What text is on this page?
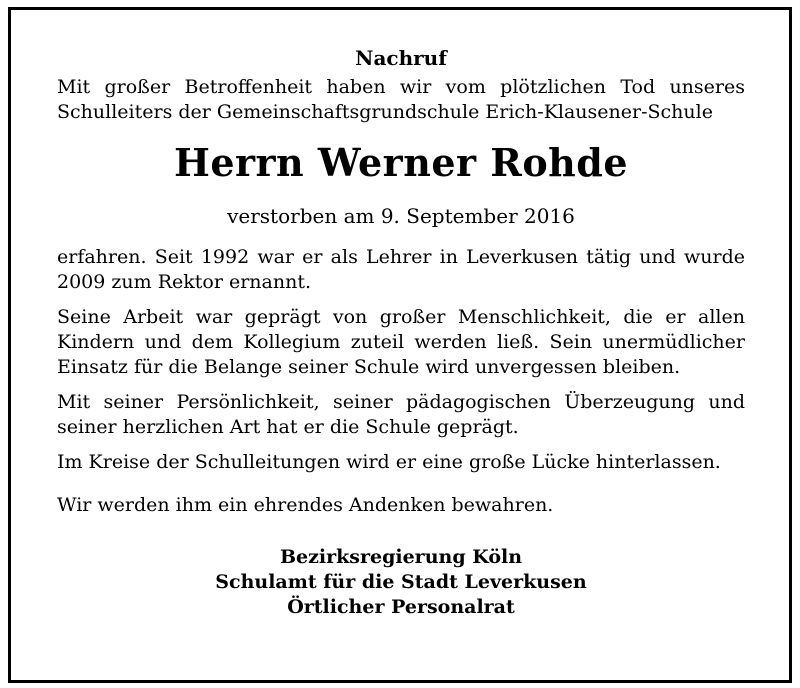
Nachruf

Mit großer Betroffenheit haben wir vom plötzlichen Tod unseres Schulleiters der Gemeinschaftsgrundschule Erich-Klausener-Schule

Herrn Werner Rohde

verstorben am 9. September 2016

erfahren. Seit 1992 war er als Lehrer in Leverkusen tätig und wurde 2009 zum Rektor ernannt.

Seine Arbeit war geprägt von großer Menschlichkeit, die er allen Kindern und dem Kollegium zuteil werden ließ. Sein unermüdlicher Einsatz für die Belange seiner Schule wird unvergessen bleiben.

Mit seiner Persönlichkeit, seiner pädagogischen Überzeugung und seiner herzlichen Art hat er die Schule geprägt.

Im Kreise der Schulleitungen wird er eine große Lücke hinterlassen.

Wir werden ihm ein ehrendes Andenken bewahren.

Bezirksregierung Köln
Schulamt für die Stadt Leverkusen
Örtlicher Personalrat
